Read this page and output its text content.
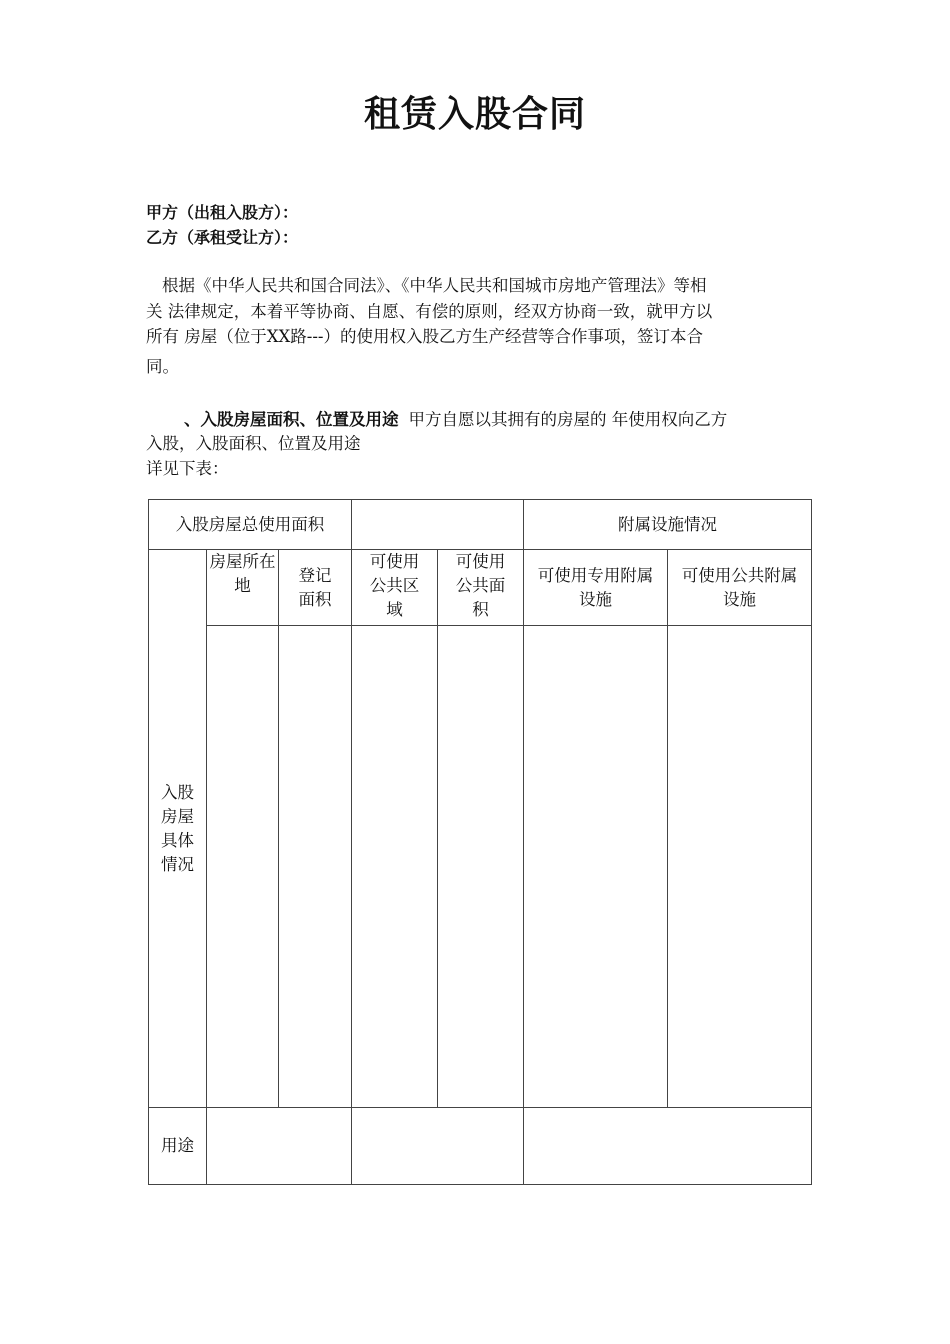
租赁入股合同
甲方（出租入股方）：
乙方（承租受让方）：
根据《中华人民共和国合同法》、《中华人民共和国城市房地产管理法》等相
关 法律规定，本着平等协商、自愿、有偿的原则，经双方协商一致，就甲方以
所有 房屋（位于XX路---）的使用权入股乙方生产经营等合作事项，签订本合
同。
、入股房屋面积、位置及用途 甲方自愿以其拥有的房屋的 年使用权向乙方
入股，入股面积、位置及用途
详见下表：
入股房屋总使用面积					附属设施情况	

入股房屋具体情况	房屋所在 地	登记面积	可使用公共区域	可使用公共面积	可使用专用附属设施	可使用公共附属设施

用途						
